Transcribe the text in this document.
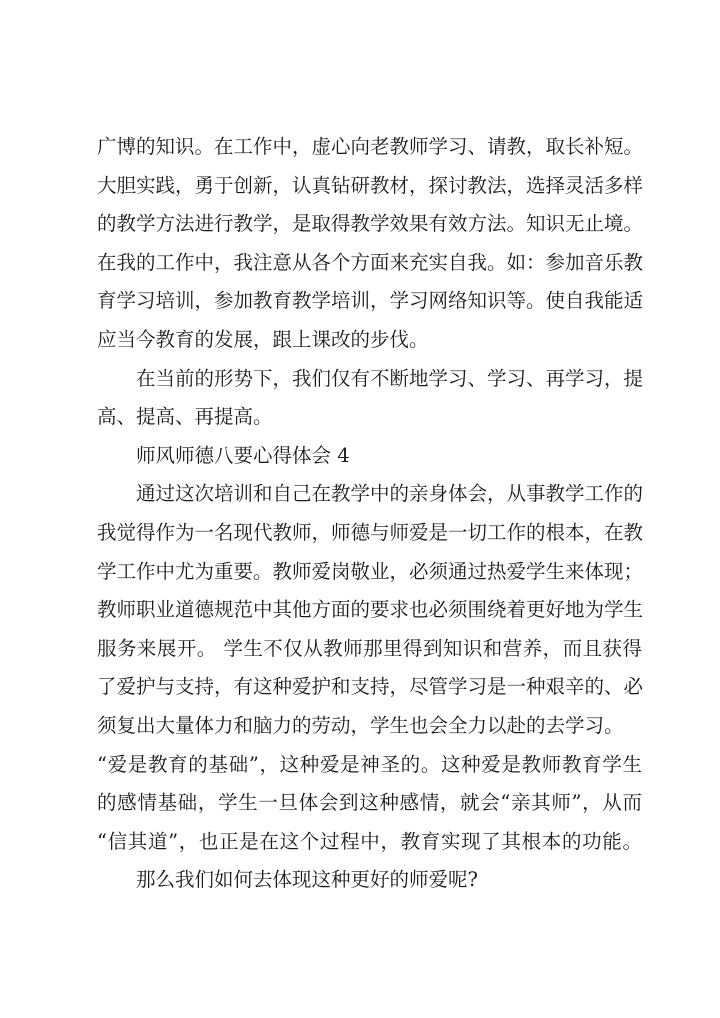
广博的知识。在工作中，虚心向老教师学习、请教，取长补短。
大胆实践，勇于创新，认真钻研教材，探讨教法，选择灵活多样
的教学方法进行教学，是取得教学效果有效方法。知识无止境。
在我的工作中，我注意从各个方面来充实自我。如：参加音乐教
育学习培训，参加教育教学培训，学习网络知识等。使自我能适
应当今教育的发展，跟上课改的步伐。
在当前的形势下，我们仅有不断地学习、学习、再学习，提
高、提高、再提高。
师风师德八要心得体会 4
通过这次培训和自己在教学中的亲身体会，从事教学工作的
我觉得作为一名现代教师，师德与师爱是一切工作的根本，在教
学工作中尤为重要。教师爱岗敬业，必须通过热爱学生来体现；
教师职业道德规范中其他方面的要求也必须围绕着更好地为学生
服务来展开。 学生不仅从教师那里得到知识和营养，而且获得
了爱护与支持，有这种爱护和支持，尽管学习是一种艰辛的、必
须复出大量体力和脑力的劳动，学生也会全力以赴的去学习。
“爱是教育的基础”，这种爱是神圣的。这种爱是教师教育学生
的感情基础，学生一旦体会到这种感情，就会“亲其师”，从而
“信其道”，也正是在这个过程中，教育实现了其根本的功能。
那么我们如何去体现这种更好的师爱呢?
